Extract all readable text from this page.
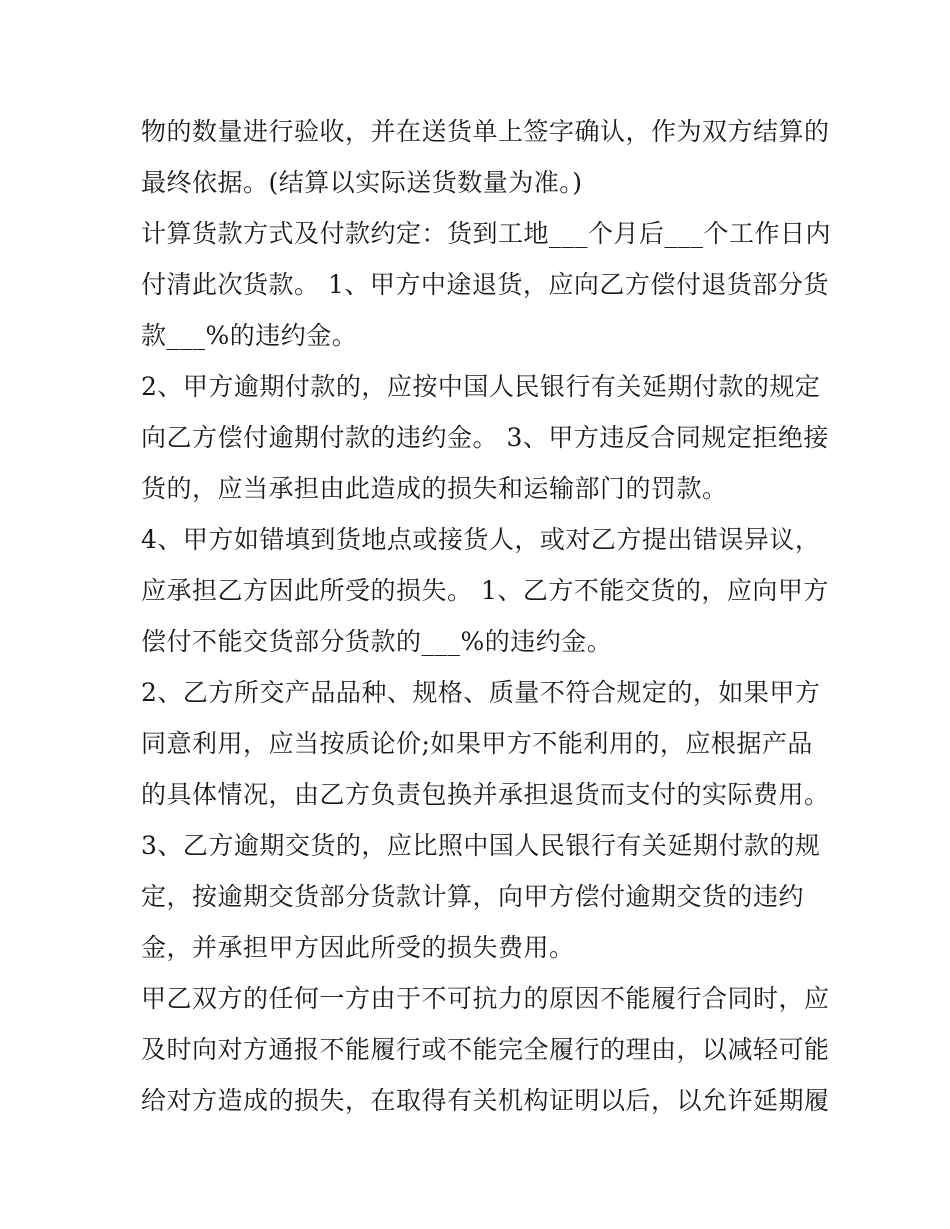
物的数量进行验收，并在送货单上签字确认，作为双方结算的
最终依据。(结算以实际送货数量为准。)

计算货款方式及付款约定：货到工地___个月后___个工作日内
付清此次货款。 1、甲方中途退货，应向乙方偿付退货部分货
款___%的违约金。

2、甲方逾期付款的，应按中国人民银行有关延期付款的规定
向乙方偿付逾期付款的违约金。 3、甲方违反合同规定拒绝接
货的，应当承担由此造成的损失和运输部门的罚款。

4、甲方如错填到货地点或接货人，或对乙方提出错误异议，
应承担乙方因此所受的损失。 1、乙方不能交货的，应向甲方
偿付不能交货部分货款的___%的违约金。

2、乙方所交产品品种、规格、质量不符合规定的，如果甲方
同意利用，应当按质论价;如果甲方不能利用的，应根据产品
的具体情况，由乙方负责包换并承担退货而支付的实际费用。

3、乙方逾期交货的，应比照中国人民银行有关延期付款的规
定，按逾期交货部分货款计算，向甲方偿付逾期交货的违约
金，并承担甲方因此所受的损失费用。

甲乙双方的任何一方由于不可抗力的原因不能履行合同时，应
及时向对方通报不能履行或不能完全履行的理由，以减轻可能
给对方造成的损失，在取得有关机构证明以后，以允许延期履
